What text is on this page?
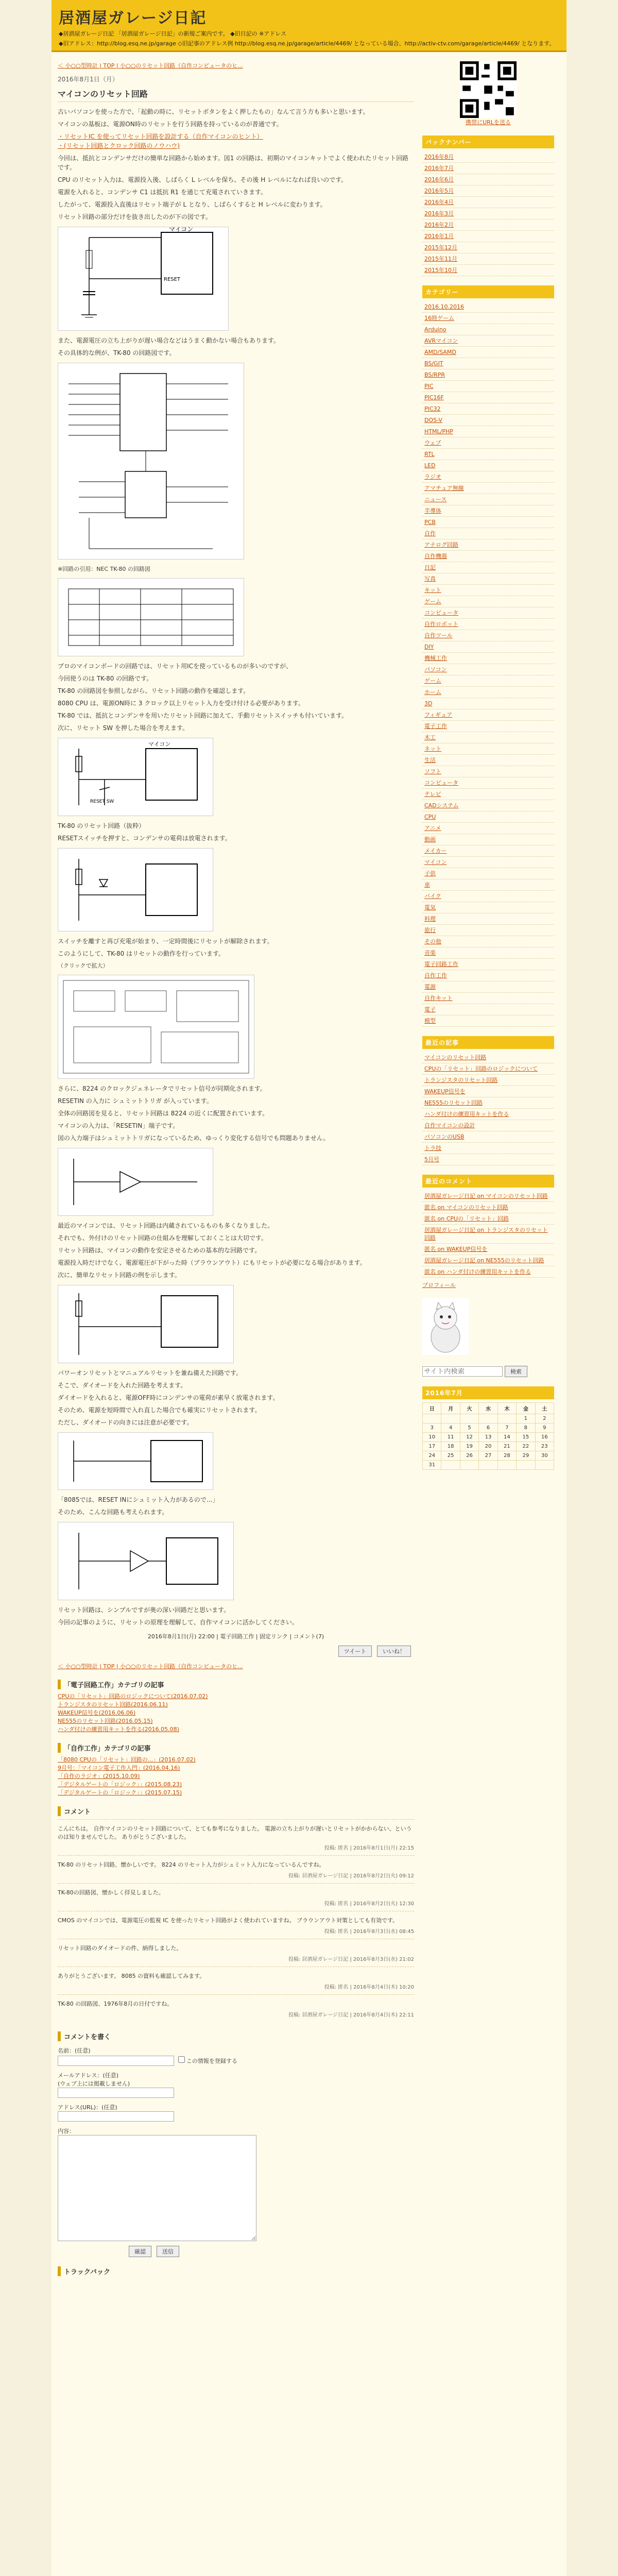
居酒屋ガレージ日記
◆居酒屋ガレージ日記 「居酒屋ガレージ日記」の新規ご案内です。 ◆旧日記の ※アドレス
◆旧アドレス：http://blog.esq.ne.jp/garage ◇旧記事のアドレス例 http://blog.esq.ne.jp/garage/article/4469/ となっている場合、http://activ-ctv.com/garage/article/4469/ となります。
＜ 小○○型時計 | TOP | 小○○のリセット回路（自作コンピュータのヒ...
2016年8月1日（月）
マイコンのリセット回路

古いパソコンを使った方で、「起動の時に、リセットボタンをよく押したもの」なんて言う方も多いと思います。

マイコンの基板は、電源ON時のリセットを行う回路を持っているのが普通です。

・リセットIC を使ってリセット回路を設計する（自作マイコンのヒント）
・(リセット回路とクロック回路のノウハウ)

今回は、抵抗とコンデンサだけの簡単な回路から始めます。図1 の回路は、初期のマイコンキットでよく使われたリセット回路です。

CPU のリセット入力は、電源投入後、しばらく L レベルを保ち、その後 H レベルになれば良いのです。

電源を入れると、コンデンサ C1 は抵抗 R1 を通じて充電されていきます。

したがって、電源投入直後はリセット端子が L となり、しばらくすると H レベルに変わります。

リセット回路の部分だけを抜き出したのが下の図です。

マイコン
RESET

また、電源電圧の立ち上がりが遅い場合などはうまく動かない場合もあります。

その具体的な例が、TK-80 の回路図です。

※回路の引用：NEC TK-80 の回路図

プロのマイコンボードの回路では、リセット用ICを使っているものが多いのですが、

今回使うのは TK-80 の回路です。

TK-80 の回路図を参照しながら、リセット回路の動作を確認します。

8080 CPU は、電源ON時に 3 クロック以上リセット入力を受け付ける必要があります。

TK-80 では、抵抗とコンデンサを用いたリセット回路に加えて、手動リセットスイッチも付いています。

次に、リセット SW を押した場合を考えます。

マイコン
RESET SW

TK-80 のリセット回路（抜粋）

RESETスイッチを押すと、コンデンサの電荷は放電されます。

スイッチを離すと再び充電が始まり、一定時間後にリセットが解除されます。

このようにして、TK-80 はリセットの動作を行っています。

（クリックで拡大）

さらに、8224 のクロックジェネレータでリセット信号が同期化されます。

RESETIN の入力に シュミットトリガ が入っています。

全体の回路図を見ると、リセット回路は 8224 の近くに配置されています。

マイコンの入力は、「RESETIN」端子です。

図の入力端子はシュミットトリガになっているため、ゆっくり変化する信号でも問題ありません。

最近のマイコンでは、リセット回路は内蔵されているものも多くなりました。

それでも、外付けのリセット回路の仕組みを理解しておくことは大切です。

リセット回路は、マイコンの動作を安定させるための基本的な回路です。

電源投入時だけでなく、電源電圧が下がった時（ブラウンアウト）にもリセットが必要になる場合があります。

次に、簡単なリセット回路の例を示します。

パワーオンリセットとマニュアルリセットを兼ね備えた回路です。

そこで、ダイオードを入れた回路を考えます。

ダイオードを入れると、電源OFF時にコンデンサの電荷が素早く放電されます。

そのため、電源を短時間で入れ直した場合でも確実にリセットされます。

ただし、ダイオードの向きには注意が必要です。

「8085では、RESET INにシュミット入力があるので...」

そのため、こんな回路も考えられます。

リセット回路は、シンプルですが奥の深い回路だと思います。

今回の記事のように、リセットの原理を理解して、自作マイコンに活かしてください。

2016年8月1日(月) 22:00 | 電子回路工作 | 固定リンク | コメント(7)
ツイート	いいね！
＜ 小○○型時計 | TOP | 小○○のリセット回路（自作コンピュータのヒ...
「電子回路工作」カテゴリの記事
CPUの「リセット」回路のロジックについて(2016.07.02)
トランジスタのリセット回路(2016.06.11)
WAKEUP信号を(2016.06.06)
NE555のリセット回路(2016.05.15)
ハンダ付けの練習用キットを作る(2016.05.08)
「自作工作」カテゴリの記事
「8080 CPUの「リセット」回路の...」(2016.07.02)
9月号：「マイコン電子工作入門」(2016.04.16)
「自作のラジオ」(2015.10.09)
「デジタルゲートの「ロジック」」(2015.08.23)
「デジタルゲートの「ロジック」」(2015.07.15)
コメント

こんにちは。 自作マイコンのリセット回路について、とても参考になりました。 電源の立ち上がりが遅いとリセットがかからない、というのは知りませんでした。 ありがとうございました。

投稿: 匿名 | 2016年8月1日(月) 22:15

TK-80 のリセット回路、懐かしいです。 8224 のリセット入力がシュミット入力になっているんですね。

投稿: 居酒屋ガレージ日記 | 2016年8月2日(火) 09:12

TK-80の回路図、懐かしく拝見しました。

投稿: 匿名 | 2016年8月2日(火) 12:30

CMOS のマイコンでは、電源電圧の監視 IC を使ったリセット回路がよく使われていますね。 ブラウンアウト対策としても有効です。

投稿: 匿名 | 2016年8月3日(水) 08:45

リセット回路のダイオードの件、納得しました。

投稿: 居酒屋ガレージ日記 | 2016年8月3日(水) 21:02

ありがとうございます。 8085 の資料も確認してみます。

投稿: 匿名 | 2016年8月4日(木) 10:20

TK-80 の回路図、1976年8月の日付ですね。

投稿: 居酒屋ガレージ日記 | 2016年8月4日(木) 22:11
コメントを書く
名前：(任意)
この情報を登録する
メールアドレス：(任意)
(ウェブ上には掲載しません)

アドレス(URL)：(任意)
内容：
確認	送信
トラックバック
携帯にURLを送る
バックナンバー
2016年8月
2016年7月
2016年6月
2016年5月
2016年4月
2016年3月
2016年2月
2016年1月
2015年12月
2015年11月
2015年10月
カテゴリー
2016.10.2016
16時ゲーム
Arduino
AVRマイコン
AMD/SAMD
BS/GIT
BS/RPR
PIC
PIC16F
PIC32
DOS-V
HTML/PHP
ウェブ
RTL
LED
ラジオ
アマチュア無線
ニュース
半導体
PCB
自作
アナログ回路
自作機器
日記
写真
キット
ゲーム
コンピュータ
自作ロボット
自作ツール
DIY
機械工作
パソコン
ゲーム
ホーム
3D
フィギュア
電子工作
木工
ネット
生活
ソフト
コンピュータ
テレビ
CADシステム
CPU
アニメ
動画
メイカー
マイコン
子供
車
バイク
電気
料理
旅行
その他
音楽
電子回路工作
自作工作
電源
自作キット
電子
模型
最近の記事
マイコンのリセット回路
CPUの「リセット」回路のロジックについて
トランジスタのリセット回路
WAKEUP信号を
NE555のリセット回路
ハンダ付けの練習用キットを作る
自作マイコンの設計
パソコンのUSB
トラ技
5月号
最近のコメント
居酒屋ガレージ日記 on マイコンのリセット回路
匿名 on マイコンのリセット回路
匿名 on CPUの「リセット」回路
居酒屋ガレージ日記 on トランジスタのリセット回路
匿名 on WAKEUP信号を
居酒屋ガレージ日記 on NE555のリセット回路
匿名 on ハンダ付けの練習用キットを作る
プロフィール
サイト内検索 検索
2016年7月
日	月	火	水	木	金	土
					1	2
3	4	5	6	7	8	9
10	11	12	13	14	15	16
17	18	19	20	21	22	23
24	25	26	27	28	29	30
31						
